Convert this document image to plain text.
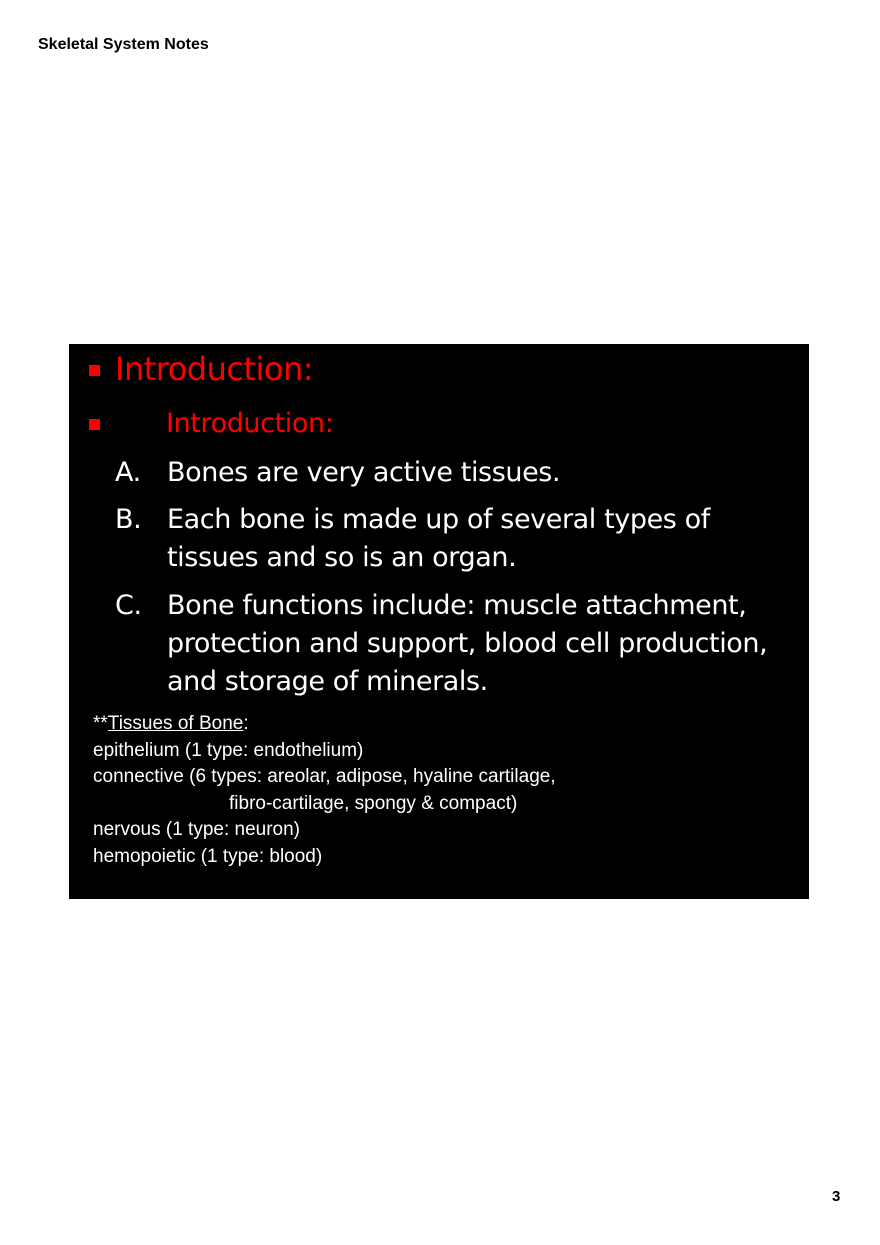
Skeletal System Notes
Introduction:
Introduction:
A. Bones are very active tissues.
B. Each bone is made up of several types of tissues and so is an organ.
C. Bone functions include: muscle attachment, protection and support, blood cell production, and storage of minerals.
**Tissues of Bone:
epithelium (1 type: endothelium)
connective (6 types: areolar, adipose, hyaline cartilage,
fibro-cartilage, spongy & compact)
nervous (1 type: neuron)
hemopoietic (1 type: blood)
3
